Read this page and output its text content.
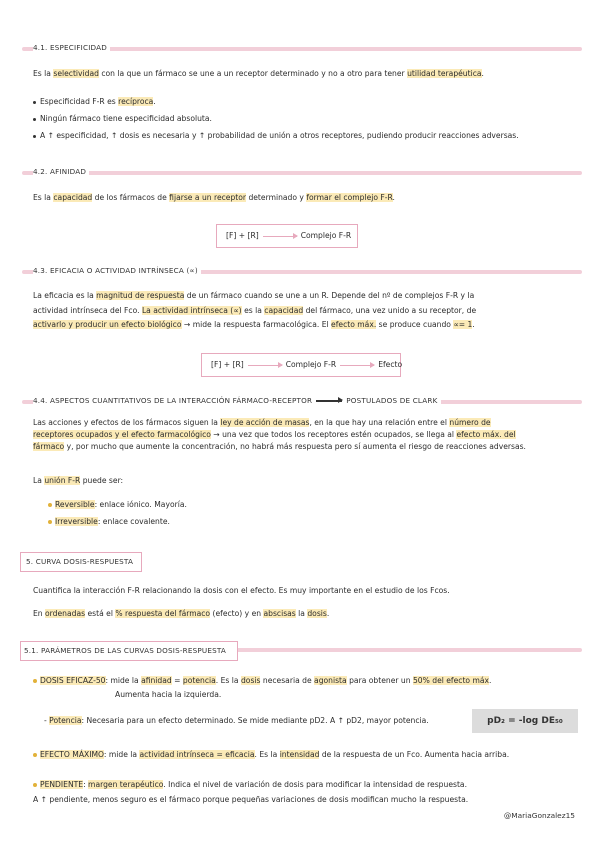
4.1. ESPECIFICIDAD
Es la selectividad con la que un fármaco se une a un receptor determinado y no a otro para tener utilidad terapéutica.
Especificidad F-R es recíproca.
Ningún fármaco tiene especificidad absoluta.
A ↑ especificidad, ↑ dosis es necesaria y ↑ probabilidad de unión a otros receptores, pudiendo producir reacciones adversas.
4.2. AFINIDAD
Es la capacidad de los fármacos de fijarse a un receptor determinado y formar el complejo F-R.
[F] + [R]	Complejo F-R
4.3. EFICACIA O ACTIVIDAD INTRÍNSECA (∝)
La eficacia es la magnitud de respuesta de un fármaco cuando se une a un R. Depende del nº de complejos F-R y la
actividad intrínseca del Fco. La actividad intrínseca (∝) es la capacidad del fármaco, una vez unido a su receptor, de
activarlo y producir un efecto biológico → mide la respuesta farmacológica. El efecto máx. se produce cuando ∝= 1.
[F] + [R]	Complejo F-R	Efecto
4.4. ASPECTOS CUANTITATIVOS DE LA INTERACCIÓN FÁRMACO-RECEPTOR	POSTULADOS DE CLARK
Las acciones y efectos de los fármacos siguen la ley de acción de masas, en la que hay una relación entre el número de
receptores ocupados y el efecto farmacológico → una vez que todos los receptores estén ocupados, se llega al efecto máx. del
fármaco y, por mucho que aumente la concentración, no habrá más respuesta pero sí aumenta el riesgo de reacciones adversas.
La unión F-R puede ser:
Reversible: enlace iónico. Mayoría.
Irreversible: enlace covalente.
5. CURVA DOSIS-RESPUESTA
Cuantifica la interacción F-R relacionando la dosis con el efecto. Es muy importante en el estudio de los Fcos.
En ordenadas está el % respuesta del fármaco (efecto) y en abscisas la dosis.
5.1. PARÁMETROS DE LAS CURVAS DOSIS-RESPUESTA
DOSIS EFICAZ-50: mide la afinidad = potencia. Es la dosis necesaria de agonista para obtener un 50% del efecto máx.
Aumenta hacia la izquierda.
- Potencia: Necesaria para un efecto determinado. Se mide mediante pD2. A ↑ pD2, mayor potencia.	pD₂ = -log DE₅₀
EFECTO MÁXIMO: mide la actividad intrínseca = eficacia. Es la intensidad de la respuesta de un Fco. Aumenta hacia arriba.
PENDIENTE: margen terapéutico. Indica el nivel de variación de dosis para modificar la intensidad de respuesta.
A ↑ pendiente, menos seguro es el fármaco porque pequeñas variaciones de dosis modifican mucho la respuesta.
@MariaGonzalez15
